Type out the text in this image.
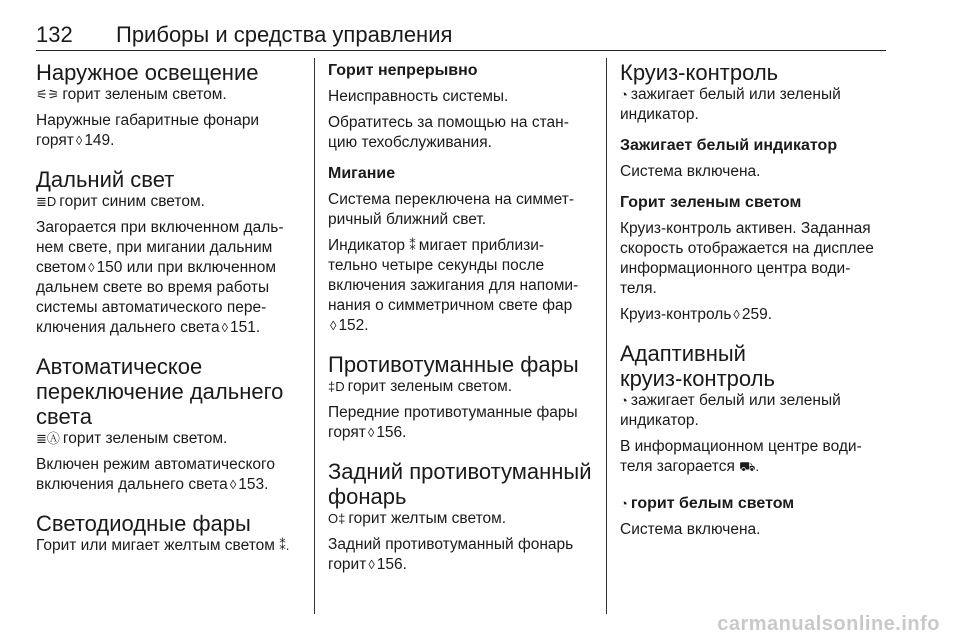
132 Приборы и средства управления
Наружное освещение

⚟⚞ горит зеленым светом.

Наружные габаритные фонари

горят ◊ 149.

Дальний свет

≣D горит синим светом.

Загорается при включенном даль-

нем свете, при мигании дальним

светом ◊ 150 или при включенном

дальнем свете во время работы

системы автоматического пере-

ключения дальнего света ◊ 151.

Автоматическое
переключение дальнего
света

≣Ⓐ горит зеленым светом.

Включен режим автоматического

включения дальнего света ◊ 153.

Светодиодные фары

Горит или мигает желтым светом ⁑.

Горит непрерывно

Неисправность системы.

Обратитесь за помощью на стан-

цию техобслуживания.

Мигание

Система переключена на симмет-

ричный ближний свет.

Индикатор ⁑ мигает приблизи-

тельно четыре секунды после

включения зажигания для напоми-

нания о симметричном свете фар

◊ 152.

Противотуманные фары

‡D горит зеленым светом.

Передние противотуманные фары

горят ◊ 156.

Задний противотуманный
фонарь

O‡ горит желтым светом.

Задний противотуманный фонарь

горит ◊ 156.

Круиз-контроль

◔ зажигает белый или зеленый

индикатор.

Зажигает белый индикатор

Система включена.

Горит зеленым светом

Круиз-контроль активен. Заданная

скорость отображается на дисплее

информационного центра води-

теля.

Круиз-контроль ◊ 259.

Адаптивный
круиз-контроль

◔ зажигает белый или зеленый

индикатор.

В информационном центре води-

теля загорается ⛟.

◔ горит белым светом

Система включена.

carmanualsonline.info
